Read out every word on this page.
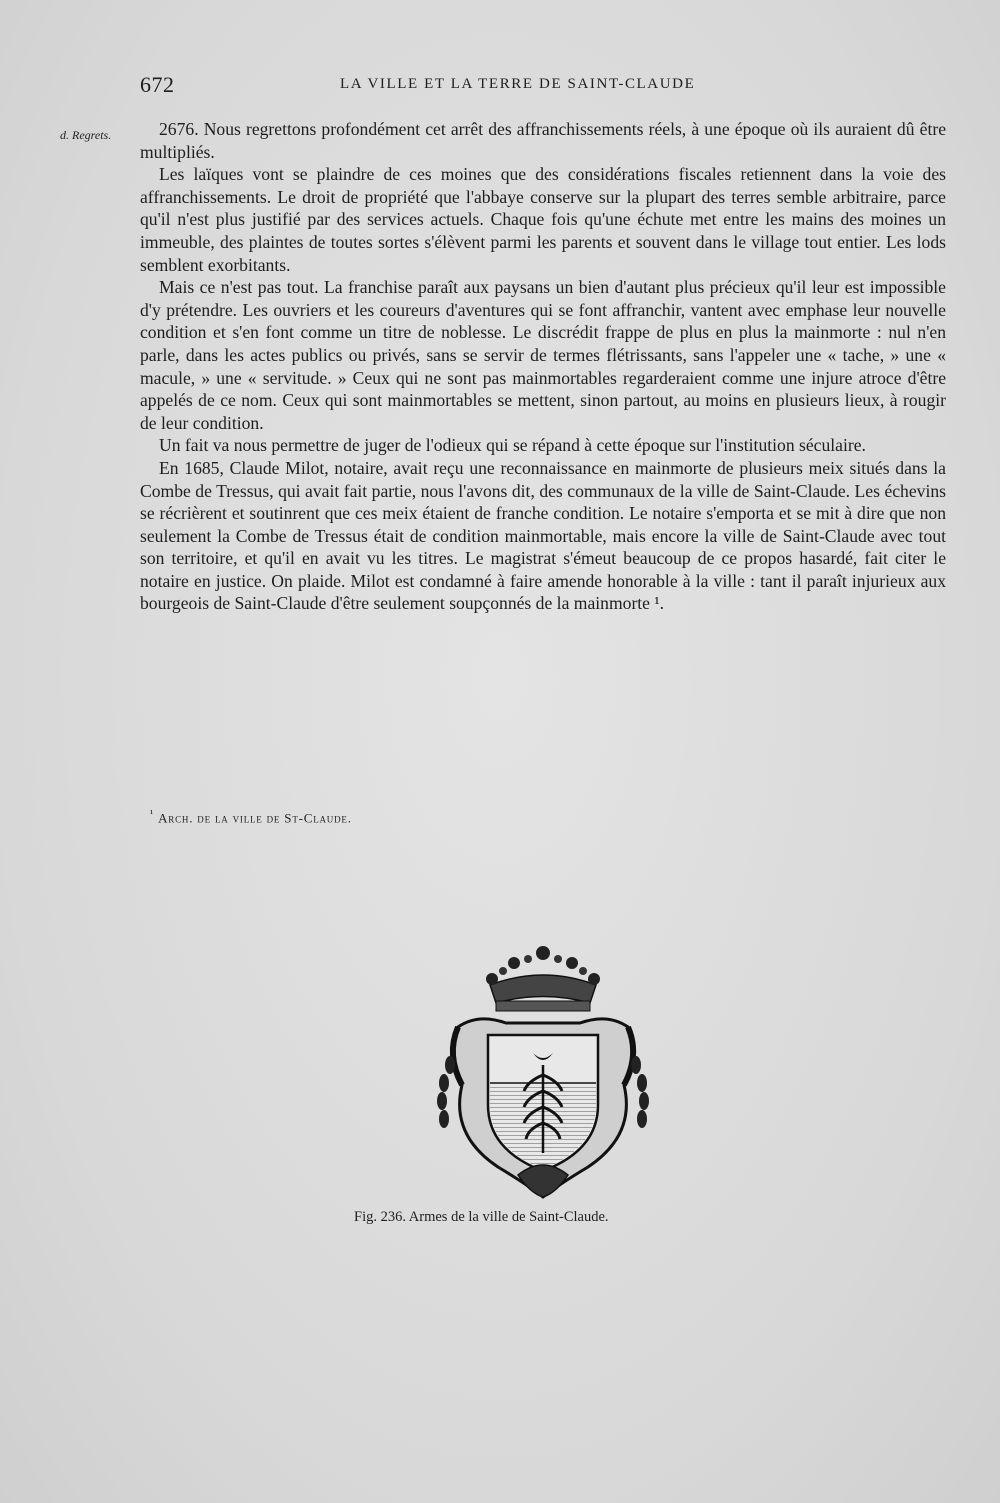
672	LA VILLE ET LA TERRE DE SAINT-CLAUDE
d. Regrets.	2676. Nous regrettons profondément cet arrêt des affranchissements réels, à une époque où ils auraient dû être multipliés.

Les laïques vont se plaindre de ces moines que des considérations fiscales retiennent dans la voie des affranchissements. Le droit de propriété que l'abbaye conserve sur la plupart des terres semble arbitraire, parce qu'il n'est plus justifié par des services actuels. Chaque fois qu'une échute met entre les mains des moines un immeuble, des plaintes de toutes sortes s'élèvent parmi les parents et souvent dans le village tout entier. Les lods semblent exorbitants.

Mais ce n'est pas tout. La franchise paraît aux paysans un bien d'autant plus précieux qu'il leur est impossible d'y prétendre. Les ouvriers et les coureurs d'aventures qui se font affranchir, vantent avec emphase leur nouvelle condition et s'en font comme un titre de noblesse. Le discrédit frappe de plus en plus la mainmorte : nul n'en parle, dans les actes publics ou privés, sans se servir de termes flétrissants, sans l'appeler une « tache, » une « macule, » une « servitude. » Ceux qui ne sont pas mainmortables regarderaient comme une injure atroce d'être appelés de ce nom. Ceux qui sont mainmortables se mettent, sinon partout, au moins en plusieurs lieux, à rougir de leur condition.

Un fait va nous permettre de juger de l'odieux qui se répand à cette époque sur l'institution séculaire.

En 1685, Claude Milot, notaire, avait reçu une reconnaissance en mainmorte de plusieurs meix situés dans la Combe de Tressus, qui avait fait partie, nous l'avons dit, des communaux de la ville de Saint-Claude. Les échevins se récrièrent et soutinrent que ces meix étaient de franche condition. Le notaire s'emporta et se mit à dire que non seulement la Combe de Tressus était de condition mainmortable, mais encore la ville de Saint-Claude avec tout son territoire, et qu'il en avait vu les titres. Le magistrat s'émeut beaucoup de ce propos hasardé, fait citer le notaire en justice. On plaide. Milot est condamné à faire amende honorable à la ville : tant il paraît injurieux aux bourgeois de Saint-Claude d'être seulement soupçonnés de la mainmorte ¹.

$^{^1}$ Arch. de la ville de St-Claude.
Fig. 236. Armes de la ville de Saint-Claude.
